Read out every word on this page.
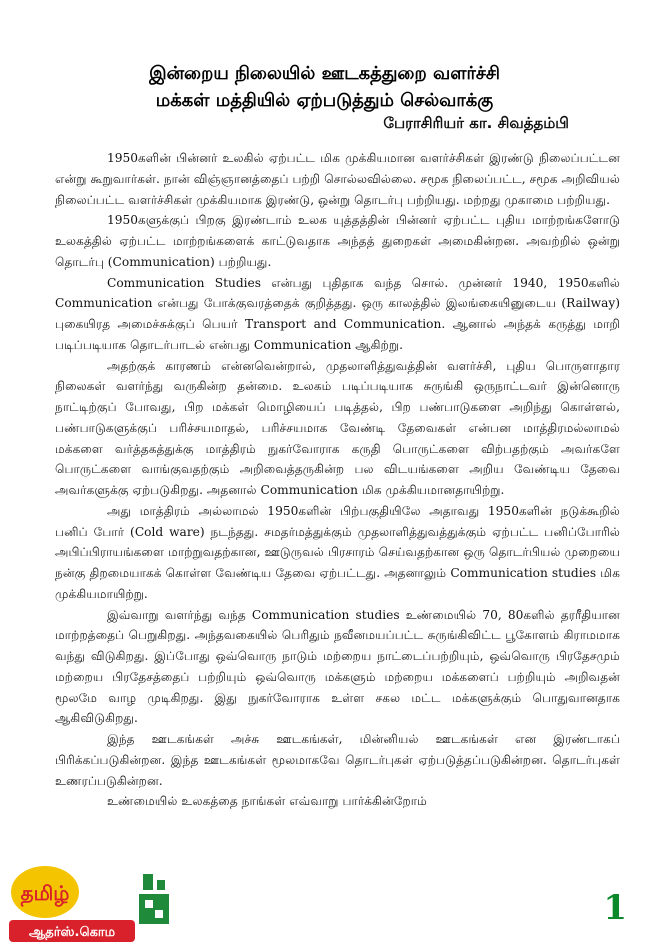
இன்றைய நிலையில் ஊடகத்துறை வளர்ச்சி
மக்கள் மத்தியில் ஏற்படுத்தும் செல்வாக்கு
பேராசிரியர் கா. சிவத்தம்பி

1950களின் பின்னர் உலகில் ஏற்பட்ட மிக முக்கியமான வளர்ச்சிகள் இரண்டு நிலைப்பட்டன என்று கூறுவார்கள். நான் விஞ்ஞானத்தைப் பற்றி சொல்லவில்லை. சமூக நிலைப்பட்ட, சமூக அறிவியல் நிலைப்பட்ட வளர்ச்சிகள் முக்கியமாக இரண்டு, ஒன்று தொடர்பு பற்றியது. மற்றது முகாமை பற்றியது.

1950களுக்குப் பிறகு இரண்டாம் உலக யுத்தத்தின் பின்னர் ஏற்பட்ட புதிய மாற்றங்களோடு உலகத்தில் ஏற்பட்ட மாற்றங்களைக் காட்டுவதாக அந்தத் துறைகள் அமைகின்றன. அவற்றில் ஒன்று தொடர்பு (Communication) பற்றியது.

Communication Studies என்பது புதிதாக வந்த சொல். முன்னர் 1940, 1950களில் Communication என்பது போக்குவரத்தைக் குறித்தது. ஒரு காலத்தில் இலங்கையினுடைய (Railway) புகையிரத அமைச்சுக்குப் பெயர் Transport and Communication. ஆனால் அந்தக் கருத்து மாறி படிப்படியாக தொடர்பாடல் என்பது Communication ஆகிற்று.

அதற்குக் காரணம் என்னவென்றால், முதலாளித்துவத்தின் வளர்ச்சி, புதிய பொருளாதார நிலைகள் வளர்ந்து வருகின்ற தன்மை. உலகம் படிப்படியாக சுருங்கி ஒருநாட்டவர் இன்னொரு நாட்டிற்குப் போவது, பிற மக்கள் மொழியைப் படித்தல், பிற பண்பாடுகளை அறிந்து கொள்ளல், பண்பாடுகளுக்குப் பரிச்சயமாதல், பரிச்சயமாக வேண்டி தேவைகள் என்பன மாத்திரமல்லாமல் மக்களை வர்த்தகத்துக்கு மாத்திரம் நுகர்வோராக கருதி பொருட்களை விற்பதற்கும் அவர்களே பொருட்களை வாங்குவதற்கும் அறிவைத்தருகின்ற பல விடயங்களை அறிய வேண்டிய தேவை அவர்களுக்கு ஏற்படுகிறது. அதனால் Communication மிக முக்கியமானதாயிற்று.

அது மாத்திரம் அல்லாமல் 1950களின் பிற்பகுதியிலே அதாவது 1950களின் நடுக்கூறில் பனிப் போர் (Cold ware) நடந்தது. சமதர்மத்துக்கும் முதலாளித்துவத்துக்கும் ஏற்பட்ட பனிப்போரில் அபிப்பிராயங்களை மாற்றுவதற்கான, ஊடுருவல் பிரசாரம் செய்வதற்கான ஒரு தொடர்பியல் முறையை நன்கு திறமையாகக் கொள்ள வேண்டிய தேவை ஏற்பட்டது. அதனாலும் Communication studies மிக முக்கியமாயிற்று.

இவ்வாறு வளர்ந்து வந்த Communication studies உண்மையில் 70, 80களில் தரரீதியான மாற்றத்தைப் பெறுகிறது. அந்தவகையில் பெரிதும் நவீனமயப்பட்ட சுருங்கிவிட்ட பூகோளம் கிராமமாக வந்து விடுகிறது. இப்போது ஒவ்வொரு நாடும் மற்றைய நாட்டைப்பற்றியும், ஒவ்வொரு பிரதேசமும் மற்றைய பிரதேசத்தைப் பற்றியும் ஒவ்வொரு மக்களும் மற்றைய மக்களைப் பற்றியும் அறிவதன் மூலமே வாழ முடிகிறது. இது நுகர்வோராக உள்ள சகல மட்ட மக்களுக்கும் பொதுவானதாக ஆகிவிடுகிறது.

இந்த ஊடகங்கள் அச்சு ஊடகங்கள், மின்னியல் ஊடகங்கள் என இரண்டாகப் பிரிக்கப்படுகின்றன. இந்த ஊடகங்கள் மூலமாகவே தொடர்புகள் ஏற்படுத்தப்படுகின்றன. தொடர்புகள் உணரப்படுகின்றன.

உண்மையில் உலகத்தை நாங்கள் எவ்வாறு பார்க்கின்றோம்

தமிழ்
ஆதர்ஸ்.கொம
1
